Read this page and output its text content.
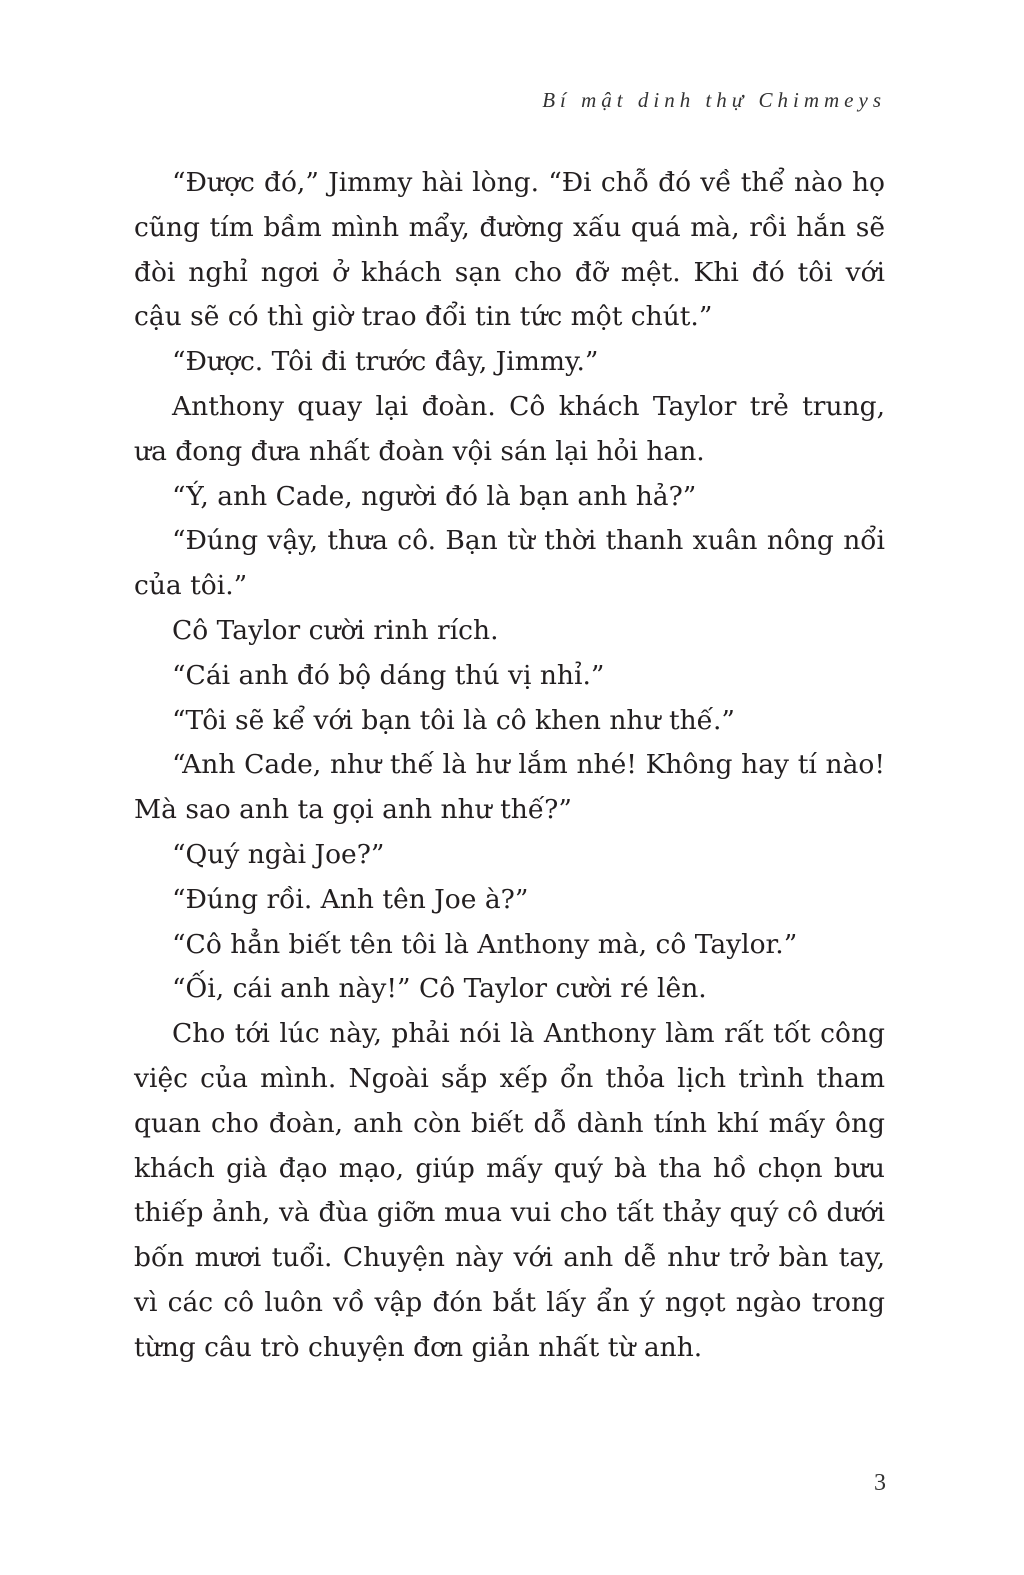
Bí mật dinh thự Chimmeys

“Được đó,” Jimmy hài lòng. “Đi chỗ đó về thể nào họ cũng tím bầm mình mẩy, đường xấu quá mà, rồi hắn sẽ đòi nghỉ ngơi ở khách sạn cho đỡ mệt. Khi đó tôi với cậu sẽ có thì giờ trao đổi tin tức một chút.”

“Được. Tôi đi trước đây, Jimmy.”

Anthony quay lại đoàn. Cô khách Taylor trẻ trung, ưa đong đưa nhất đoàn vội sán lại hỏi han.

“Ý, anh Cade, người đó là bạn anh hả?”

“Đúng vậy, thưa cô. Bạn từ thời thanh xuân nông nổi của tôi.”

Cô Taylor cười rinh rích.

“Cái anh đó bộ dáng thú vị nhỉ.”

“Tôi sẽ kể với bạn tôi là cô khen như thế.”

“Anh Cade, như thế là hư lắm nhé! Không hay tí nào! Mà sao anh ta gọi anh như thế?”

“Quý ngài Joe?”

“Đúng rồi. Anh tên Joe à?”

“Cô hẳn biết tên tôi là Anthony mà, cô Taylor.”

“Ối, cái anh này!” Cô Taylor cười ré lên.

Cho tới lúc này, phải nói là Anthony làm rất tốt công việc của mình. Ngoài sắp xếp ổn thỏa lịch trình tham quan cho đoàn, anh còn biết dỗ dành tính khí mấy ông khách già đạo mạo, giúp mấy quý bà tha hồ chọn bưu thiếp ảnh, và đùa giỡn mua vui cho tất thảy quý cô dưới bốn mươi tuổi. Chuyện này với anh dễ như trở bàn tay, vì các cô luôn vồ vập đón bắt lấy ẩn ý ngọt ngào trong từng câu trò chuyện đơn giản nhất từ anh.

3
